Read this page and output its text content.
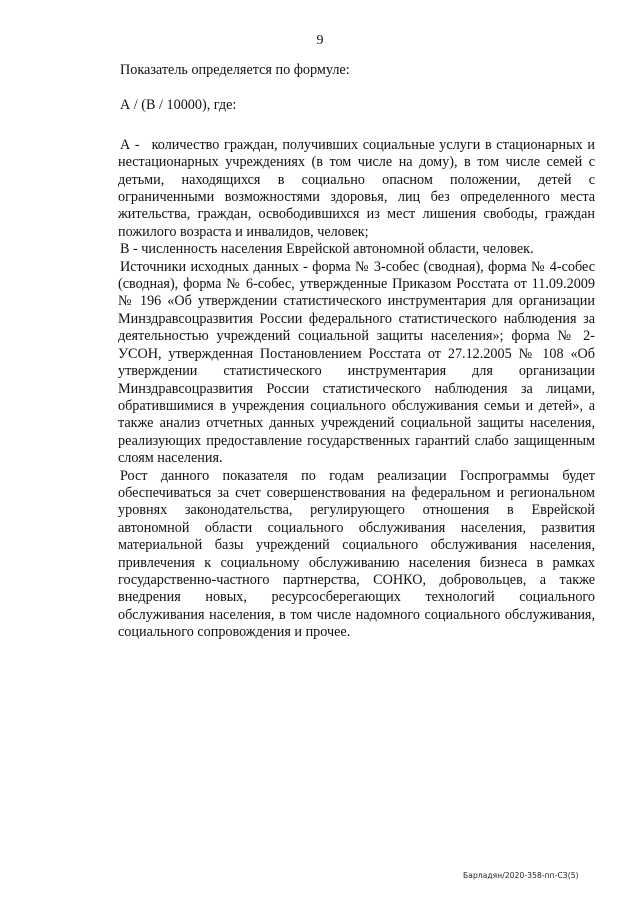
9

Показатель определяется по формуле:

А / (В / 10000), где:

А - количество граждан, получивших социальные услуги в стационарных и нестационарных учреждениях (в том числе на дому), в том числе семей с детьми, находящихся в социально опасном положении, детей с ограниченными возможностями здоровья, лиц без определенного места жительства, граждан, освободившихся из мест лишения свободы, граждан пожилого возраста и инвалидов, человек;

В - численность населения Еврейской автономной области, человек.

Источники исходных данных - форма № 3-собес (сводная), форма № 4-собес (сводная), форма № 6-собес, утвержденные Приказом Росстата от 11.09.2009 № 196 «Об утверждении статистического инструментария для организации Минздравсоцразвития России федерального статистического наблюдения за деятельностью учреждений социальной защиты населения»; форма № 2-УСОН, утвержденная Постановлением Росстата от 27.12.2005 № 108 «Об утверждении статистического инструментария для организации Минздравсоцразвития России статистического наблюдения за лицами, обратившимися в учреждения социального обслуживания семьи и детей», а также анализ отчетных данных учреждений социальной защиты населения, реализующих предоставление государственных гарантий слабо защищенным слоям населения.

Рост данного показателя по годам реализации Госпрограммы будет обеспечиваться за счет совершенствования на федеральном и региональном уровнях законодательства, регулирующего отношения в Еврейской автономной области социального обслуживания населения, развития материальной базы учреждений социального обслуживания населения, привлечения к социальному обслуживанию населения бизнеса в рамках государственно-частного партнерства, СОНКО, добровольцев, а также внедрения новых, ресурсосберегающих технологий социального обслуживания населения, в том числе надомного социального обслуживания, социального сопровождения и прочее.

Барладян/2020-358-пп-СЗ(5)
